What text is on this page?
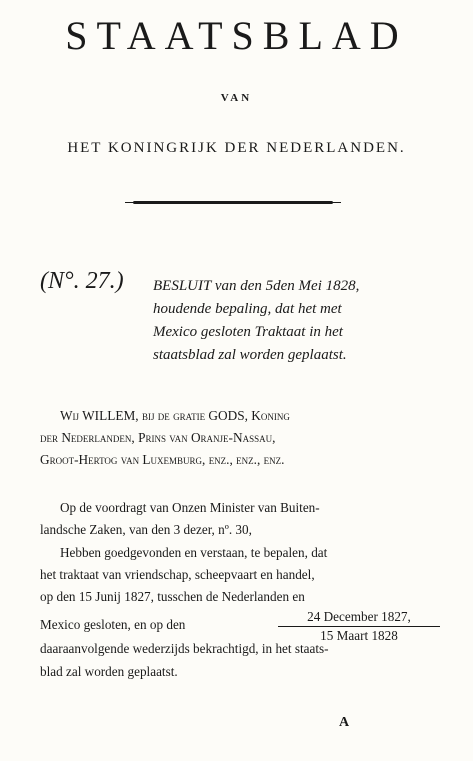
STAATSBLAD
VAN
HET KONINGRIJK DER NEDERLANDEN.
(N°. 27.) BESLUIT van den 5den Mei 1828,
houdende bepaling, dat het met
Mexico gesloten Traktaat in het
staatsblad zal worden geplaatst.
Wij WILLEM, bij de gratie GODS, Koning
der Nederlanden, Prins van Oranje-Nassau,
Groot-Hertog van Luxemburg, enz., enz., enz.
Op de voordragt van Onzen Minister van Buiten-
landsche Zaken, van den 3 dezer, nº. 30,
Hebben goedgevonden en verstaan, te bepalen, dat
het traktaat van vriendschap, scheepvaart en handel,
op den 15 Junij 1827, tusschen de Nederlanden en
Mexico gesloten, en op den	$\frac{\text{24 December 1827,}}{\text{15 Maart 1828}}$
daaraanvolgende wederzijds bekrachtigd, in het staats-
blad zal worden geplaatst.
A
